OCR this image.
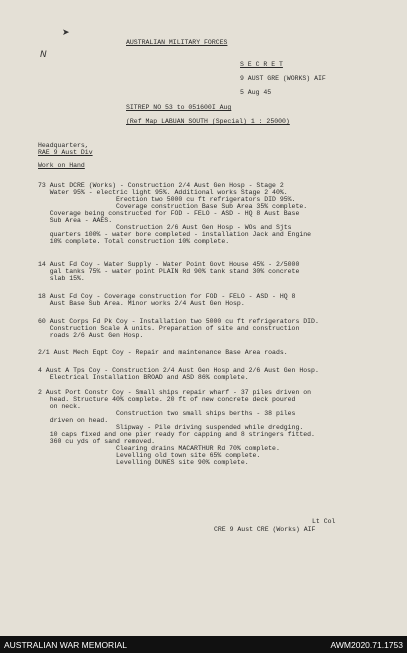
➤
N
AUSTRALIAN MILITARY FORCES
S E C R E T
9 AUST GRE (WORKS) AIF
5 Aug 45
SITREP NO 53 to 051600I Aug
(Ref Map LABUAN SOUTH (Special) 1 : 25000)
Headquarters,
RAE 9 Aust Div
Work on Hand
73 Aust DCRE (Works) - Construction 2/4 Aust Gen Hosp - Stage 2
Water 95% - electric light 95%. Additional works Stage 2 40%.
Erection two 5000 cu ft refrigerators DID 95%.
Coverage construction Base Sub Area 35% complete.
Coverage being constructed for FOD - FELO - ASD - HQ 8 Aust Base
Sub Area - AAES.
Construction 2/6 Aust Gen Hosp - WOs and Sjts
quarters 100% - water bore completed - installation Jack and Engine
10% complete. Total construction 10% complete.
14 Aust Fd Coy - Water Supply - Water Point Govt House 45% - 2/5000
gal tanks 75% - water point PLAIN Rd 90% tank stand 30% concrete
slab 15%.
18 Aust Fd Coy - Coverage construction for FOD - FELO - ASD - HQ 8
Aust Base Sub Area. Minor works 2/4 Aust Gen Hosp.
60 Aust Corps Fd Pk Coy - Installation two 5000 cu ft refrigerators DID.
Construction Scale A units. Preparation of site and construction
roads 2/6 Aust Gen Hosp.
2/1 Aust Mech Eqpt Coy - Repair and maintenance Base Area roads.
4 Aust A Tps Coy - Construction 2/4 Aust Gen Hosp and 2/6 Aust Gen Hosp.
Electrical Installation BROAD and ASD 86% complete.
2 Aust Port Constr Coy - Small ships repair wharf - 37 piles driven on
head. Structure 40% complete. 20 ft of new concrete deck poured
on neck.
Construction two small ships berths - 38 piles
driven on head.
Slipway - Pile driving suspended while dredging.
10 caps fixed and one pier ready for capping and 8 stringers fitted.
360 cu yds of sand removed.
Clearing drains MACARTHUR Rd 70% complete.
Levelling old town site 65% complete.
Levelling DUNES site 90% complete.
Lt Col
CRE 9 Aust CRE (Works) AIF
AUSTRALIAN WAR MEMORIAL	AWM2020.71.1753
